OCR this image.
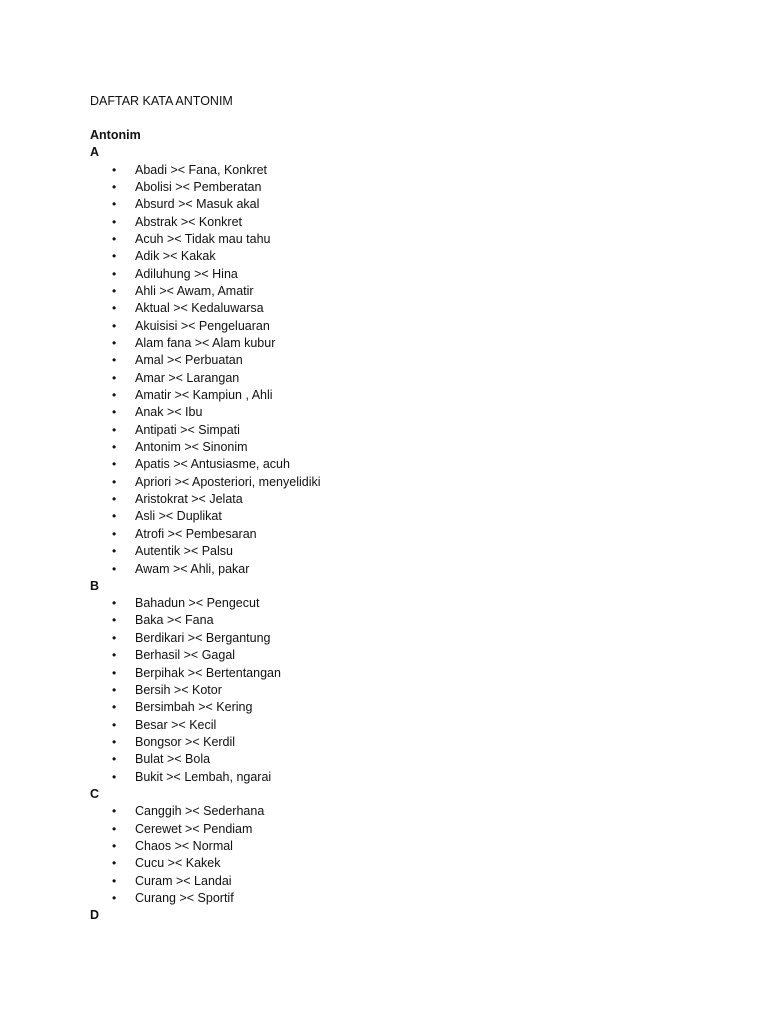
DAFTAR KATA ANTONIM
Antonim
A
• Abadi >< Fana, Konkret
• Abolisi >< Pemberatan
• Absurd >< Masuk akal
• Abstrak >< Konkret
• Acuh >< Tidak mau tahu
• Adik >< Kakak
• Adiluhung >< Hina
• Ahli >< Awam, Amatir
• Aktual >< Kedaluwarsa
• Akuisisi >< Pengeluaran
• Alam fana >< Alam kubur
• Amal >< Perbuatan
• Amar >< Larangan
• Amatir >< Kampiun , Ahli
• Anak >< Ibu
• Antipati >< Simpati
• Antonim >< Sinonim
• Apatis >< Antusiasme, acuh
• Apriori >< Aposteriori, menyelidiki
• Aristokrat >< Jelata
• Asli >< Duplikat
• Atrofi >< Pembesaran
• Autentik >< Palsu
• Awam >< Ahli, pakar
B
• Bahadun >< Pengecut
• Baka >< Fana
• Berdikari >< Bergantung
• Berhasil >< Gagal
• Berpihak >< Bertentangan
• Bersih >< Kotor
• Bersimbah >< Kering
• Besar >< Kecil
• Bongsor >< Kerdil
• Bulat >< Bola
• Bukit >< Lembah, ngarai
C
• Canggih >< Sederhana
• Cerewet >< Pendiam
• Chaos >< Normal
• Cucu >< Kakek
• Curam >< Landai
• Curang >< Sportif
D
